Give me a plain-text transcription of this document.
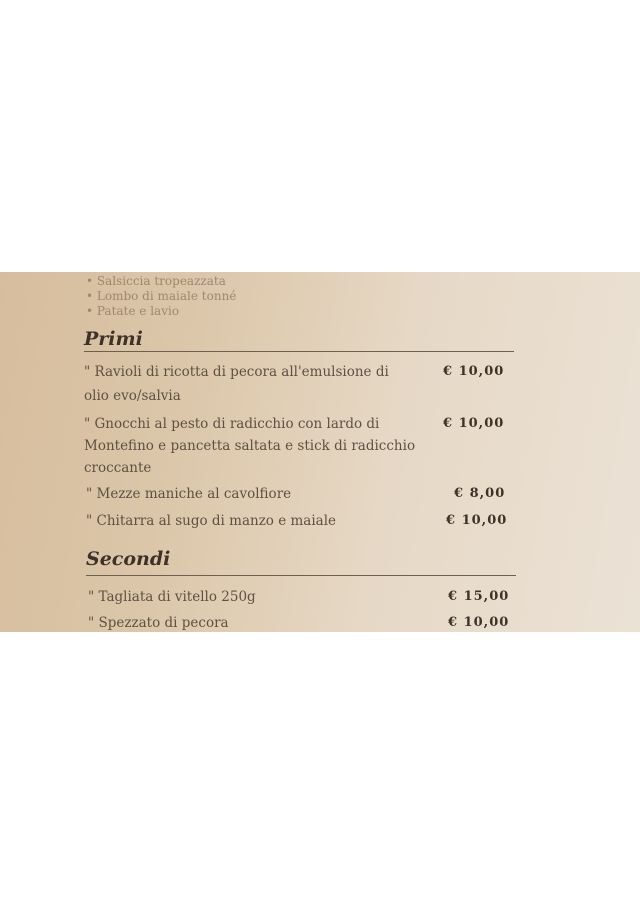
• Salsiccia tropeazzata
• Lombo di maiale tonné
• Patate e lavio
Primi
" Ravioli di ricotta di pecora all'emulsione di	€ 10,00
olio evo/salvia
" Gnocchi al pesto di radicchio con lardo di	€ 10,00
Montefino e pancetta saltata e stick di radicchio
croccante
" Mezze maniche al cavolfiore	€ 8,00
" Chitarra al sugo di manzo e maiale	€ 10,00
Secondi
" Tagliata di vitello 250g	€ 15,00
" Spezzato di pecora	€ 10,00
